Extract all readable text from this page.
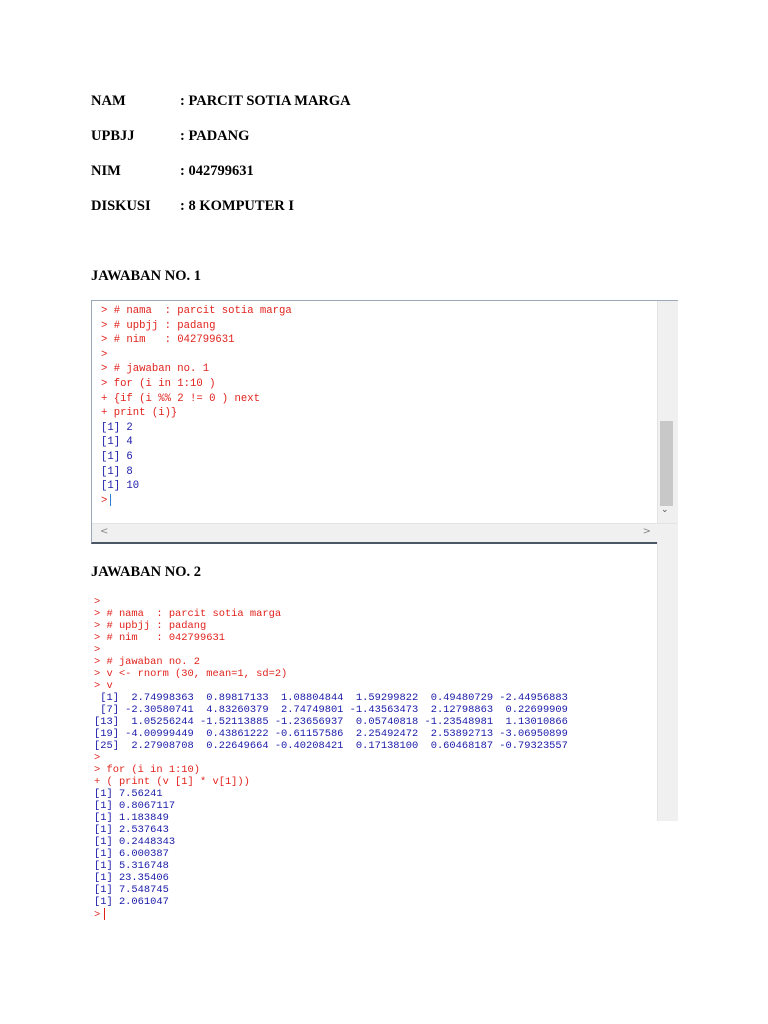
NAM	: PARCIT SOTIA MARGA
UPBJJ	: PADANG
NIM	: 042799631
DISKUSI : 8 KOMPUTER I
JAWABAN NO. 1
> # nama  : parcit sotia marga
> # upbjj : padang
> # nim   : 042799631
>
> # jawaban no. 1
> for (i in 1:10 )
+ {if (i %% 2 != 0 ) next
+ print (i)}
[1] 2
[1] 4
[1] 6
[1] 8
[1] 10
>
⌄
<	>
JAWABAN NO. 2
>
> # nama  : parcit sotia marga
> # upbjj : padang
> # nim   : 042799631
>
> # jawaban no. 2
> v <- rnorm (30, mean=1, sd=2)
> v
[1]  2.74998363  0.89817133  1.08804844  1.59299822  0.49480729 -2.44956883
[7] -2.30580741  4.83260379  2.74749801 -1.43563473  2.12798863  0.22699909
[13]  1.05256244 -1.52113885 -1.23656937  0.05740818 -1.23548981  1.13010866
[19] -4.00999449  0.43861222 -0.61157586  2.25492472  2.53892713 -3.06950899
[25]  2.27908708  0.22649664 -0.40208421  0.17138100  0.60468187 -0.79323557
>
> for (i in 1:10)
+ ( print (v [1] * v[1]))
[1] 7.56241
[1] 0.8067117
[1] 1.183849
[1] 2.537643
[1] 0.2448343
[1] 6.000387
[1] 5.316748
[1] 23.35406
[1] 7.548745
[1] 2.061047
>
